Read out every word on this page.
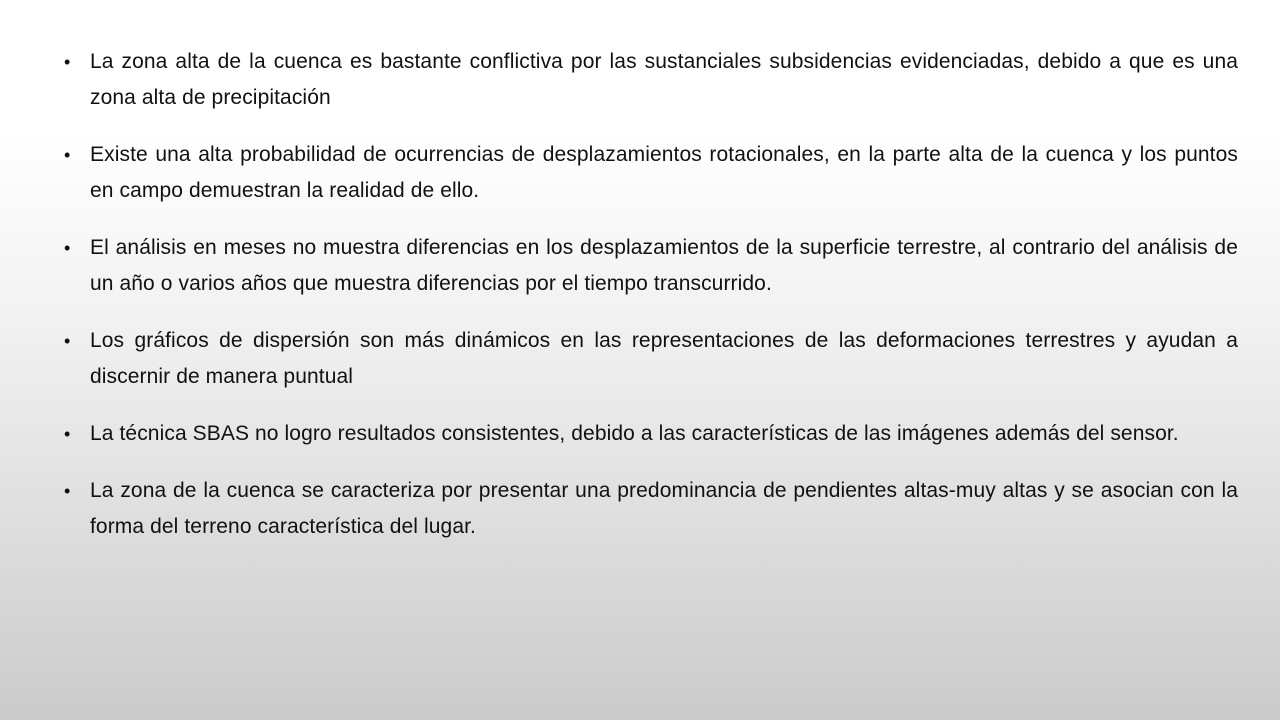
• La zona alta de la cuenca es bastante conflictiva por las sustanciales subsidencias evidenciadas, debido a que es una zona alta de precipitación
• Existe una alta probabilidad de ocurrencias de desplazamientos rotacionales, en la parte alta de la cuenca y los puntos en campo demuestran la realidad de ello.
• El análisis en meses no muestra diferencias en los desplazamientos de la superficie terrestre, al contrario del análisis de un año o varios años que muestra diferencias por el tiempo transcurrido.
• Los gráficos de dispersión son más dinámicos en las representaciones de las deformaciones terrestres y ayudan a discernir de manera puntual
• La técnica SBAS no logro resultados consistentes, debido a las características de las imágenes además del sensor.
• La zona de la cuenca se caracteriza por presentar una predominancia de pendientes altas-muy altas y se asocian con la forma del terreno característica del lugar.
